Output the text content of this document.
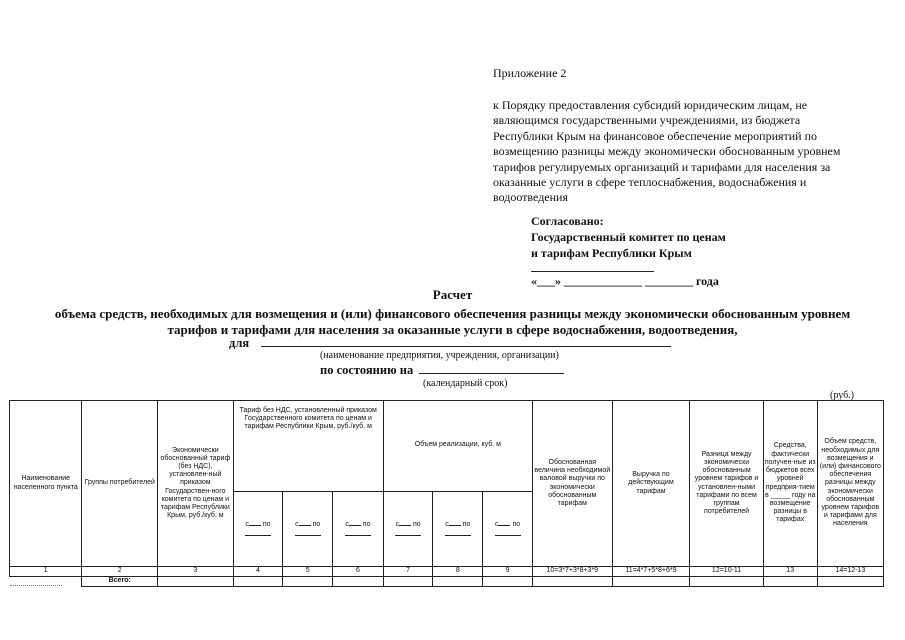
Приложение 2
к Порядку предоставления субсидий юридическим лицам, не являющимся государственными учреждениями, из бюджета Республики Крым на финансовое обеспечение мероприятий по возмещению разницы между экономически обоснованным уровнем тарифов регулируемых организаций и тарифами для населения за оказанные услуги в сфере теплоснабжения, водоснабжения и водоотведения
Согласовано:
Государственный комитет по ценам
и тарифам Республики Крым
«___» _____________ ________ года
Расчет
объема средств, необходимых для возмещения и (или) финансового обеспечения разницы между экономически обоснованным уровнем
тарифов и тарифами для населения за оказанные услуги в сфере водоснабжения, водоотведения,
для
(наименование предприятия, учреждения, организации)
по состоянию на
(календарный срок)
(руб.)
Наименование населенного пункта	Группы потребителей	Экономически обоснованный тариф (без НДС), установлен-ный приказом Государствен-ного комитета по ценам и тарифам Республики Крым, руб./куб. м	Тариф без НДС, установленный приказом Государственного комитета по ценам и тарифам Республики Крым, руб./куб. м			Объем реализации, куб. м			Обоснованная величина необходимой валовой выручки по экономически обоснованным тарифам	Выручка по действующим тарифам	Разница между экономически обоснованным уровнем тарифов и установлен-ными тарифами по всем группам потребителей	Средства, фактически получен-ные из бюджетов всех уровней предприя-тием в _____ году на возмещение разницы в тарифах	Объем средств, необходимых для возмещения и (или) финансового обеспечения разницы между экономически обоснованным уровнем тарифов и тарифами для населения
			с по	с по	с по	с по	с по	с по					

1	2	3	4	5	6	7	8	9	10=3*7+3*8+3*9	11=4*7+5*8+6*9	12=10-11	13	14=12-13
	Всего:												
